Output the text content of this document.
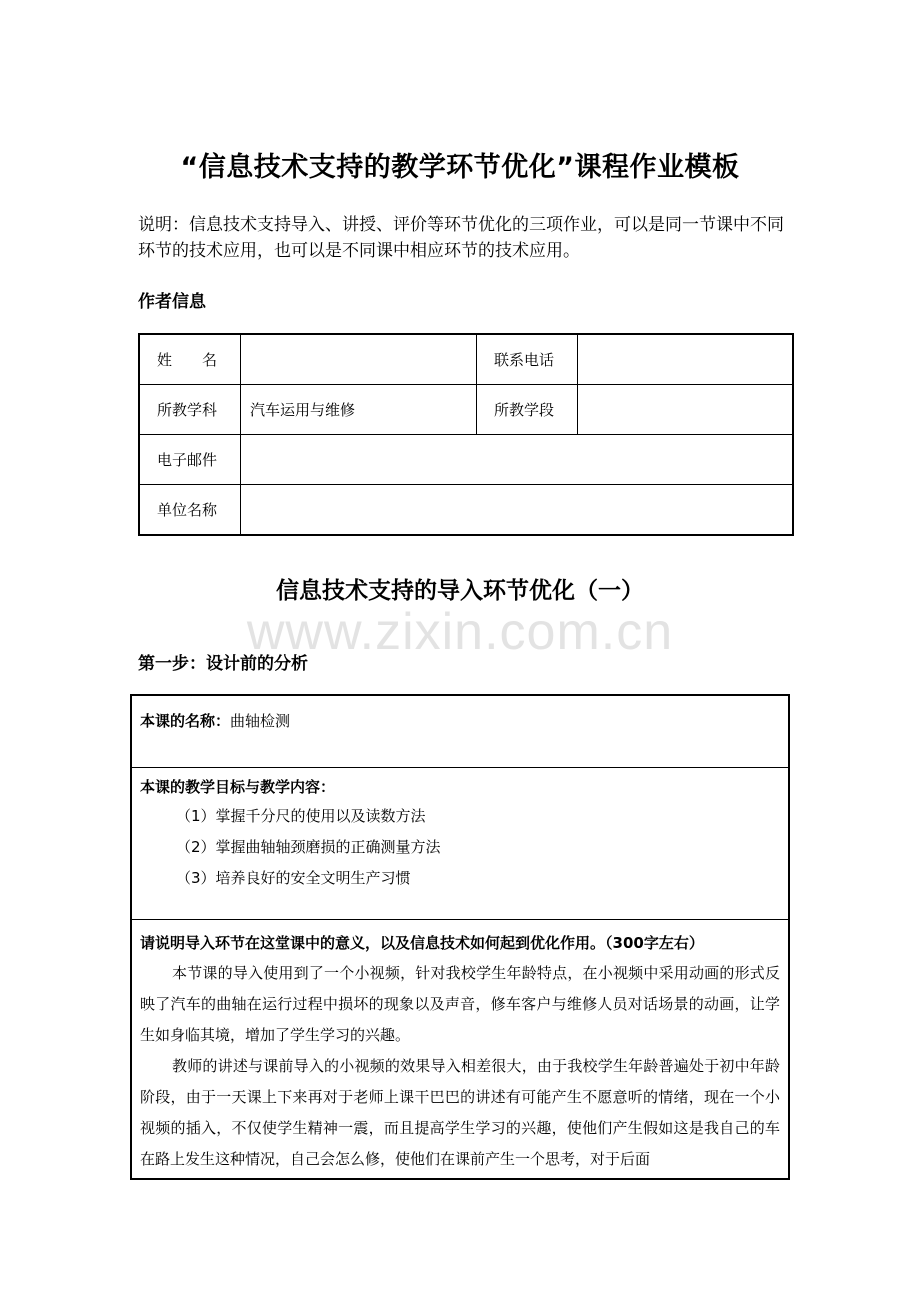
“信息技术支持的教学环节优化”课程作业模板
说明：信息技术支持导入、讲授、评价等环节优化的三项作业，可以是同一节课中不同环节的技术应用，也可以是不同课中相应环节的技术应用。
作者信息
姓　　名		联系电话	
所教学科	汽车运用与维修	所教学段	
电子邮件			
单位名称			
信息技术支持的导入环节优化（一）
www.zixin.com.cn
第一步：设计前的分析
本课的名称：曲轴检测
本课的教学目标与教学内容：
（1）掌握千分尺的使用以及读数方法
（2）掌握曲轴轴颈磨损的正确测量方法
（3）培养良好的安全文明生产习惯
请说明导入环节在这堂课中的意义，以及信息技术如何起到优化作用。（300字左右）

本节课的导入使用到了一个小视频，针对我校学生年龄特点，在小视频中采用动画的形式反映了汽车的曲轴在运行过程中损坏的现象以及声音，修车客户与维修人员对话场景的动画，让学生如身临其境，增加了学生学习的兴趣。

教师的讲述与课前导入的小视频的效果导入相差很大，由于我校学生年龄普遍处于初中年龄阶段，由于一天课上下来再对于老师上课干巴巴的讲述有可能产生不愿意听的情绪，现在一个小视频的插入，不仅使学生精神一震，而且提高学生学习的兴趣，使他们产生假如这是我自己的车在路上发生这种情况，自己会怎么修，使他们在课前产生一个思考，对于后面
